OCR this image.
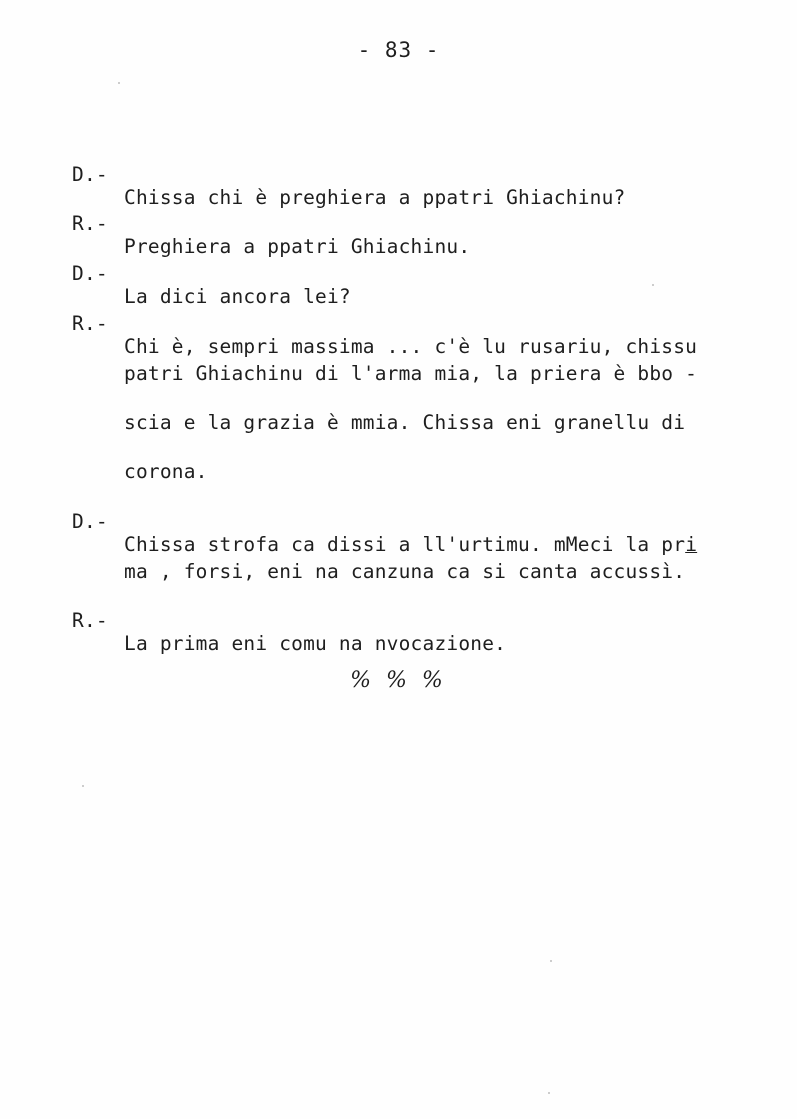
- 83 -

D.-

Chissa chi è preghiera a ppatri Ghiachinu?

R.-

Preghiera a ppatri Ghiachinu.

D.-

La dici ancora lei?

R.-

Chi è, sempri massima ... c'è lu rusariu, chissu

patri Ghiachinu di l'arma mia, la priera è bbo -

scia e la grazia è mmia. Chissa eni granellu di

corona.

D.-

Chissa strofa ca dissi a ll'urtimu. mMeci la pri

ma , forsi, eni na canzuna ca si canta accussì.

R.-

La prima eni comu na nvocazione.

% % %
